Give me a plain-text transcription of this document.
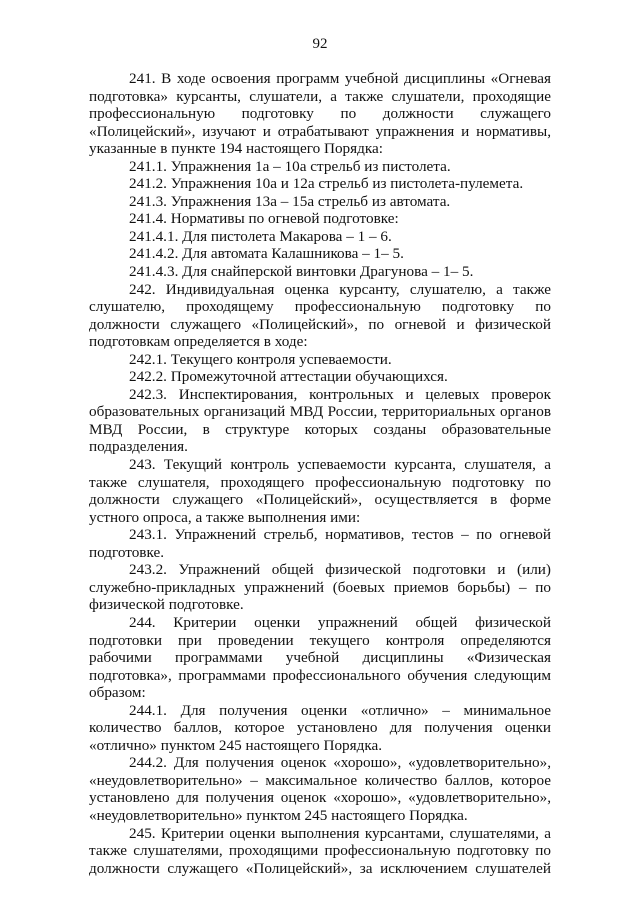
92

241. В ходе освоения программ учебной дисциплины «Огневая подготовка» курсанты, слушатели, а также слушатели, проходящие профессиональную подготовку по должности служащего «Полицейский», изучают и отрабатывают упражнения и нормативы, указанные в пункте 194 настоящего Порядка:

241.1. Упражнения 1а – 10а стрельб из пистолета.

241.2. Упражнения 10а и 12а стрельб из пистолета-пулемета.

241.3. Упражнения 13а – 15а стрельб из автомата.

241.4. Нормативы по огневой подготовке:

241.4.1. Для пистолета Макарова – 1 – 6.

241.4.2. Для автомата Калашникова – 1– 5.

241.4.3. Для снайперской винтовки Драгунова – 1– 5.

242. Индивидуальная оценка курсанту, слушателю, а также слушателю, проходящему профессиональную подготовку по должности служащего «Полицейский», по огневой и физической подготовкам определяется в ходе:

242.1. Текущего контроля успеваемости.

242.2. Промежуточной аттестации обучающихся.

242.3. Инспектирования, контрольных и целевых проверок образовательных организаций МВД России, территориальных органов МВД России, в структуре которых созданы образовательные подразделения.

243. Текущий контроль успеваемости курсанта, слушателя, а также слушателя, проходящего профессиональную подготовку по должности служащего «Полицейский», осуществляется в форме устного опроса, а также выполнения ими:

243.1. Упражнений стрельб, нормативов, тестов – по огневой подготовке.

243.2. Упражнений общей физической подготовки и (или) служебно-прикладных упражнений (боевых приемов борьбы) – по физической подготовке.

244. Критерии оценки упражнений общей физической подготовки при проведении текущего контроля определяются рабочими программами учебной дисциплины «Физическая подготовка», программами профессионального обучения следующим образом:

244.1. Для получения оценки «отлично» – минимальное количество баллов, которое установлено для получения оценки «отлично» пунктом 245 настоящего Порядка.

244.2. Для получения оценок «хорошо», «удовлетворительно», «неудовлетворительно» – максимальное количество баллов, которое установлено для получения оценок «хорошо», «удовлетворительно», «неудовлетворительно» пунктом 245 настоящего Порядка.

245. Критерии оценки выполнения курсантами, слушателями, а также слушателями, проходящими профессиональную подготовку по должности служащего «Полицейский», за исключением слушателей
